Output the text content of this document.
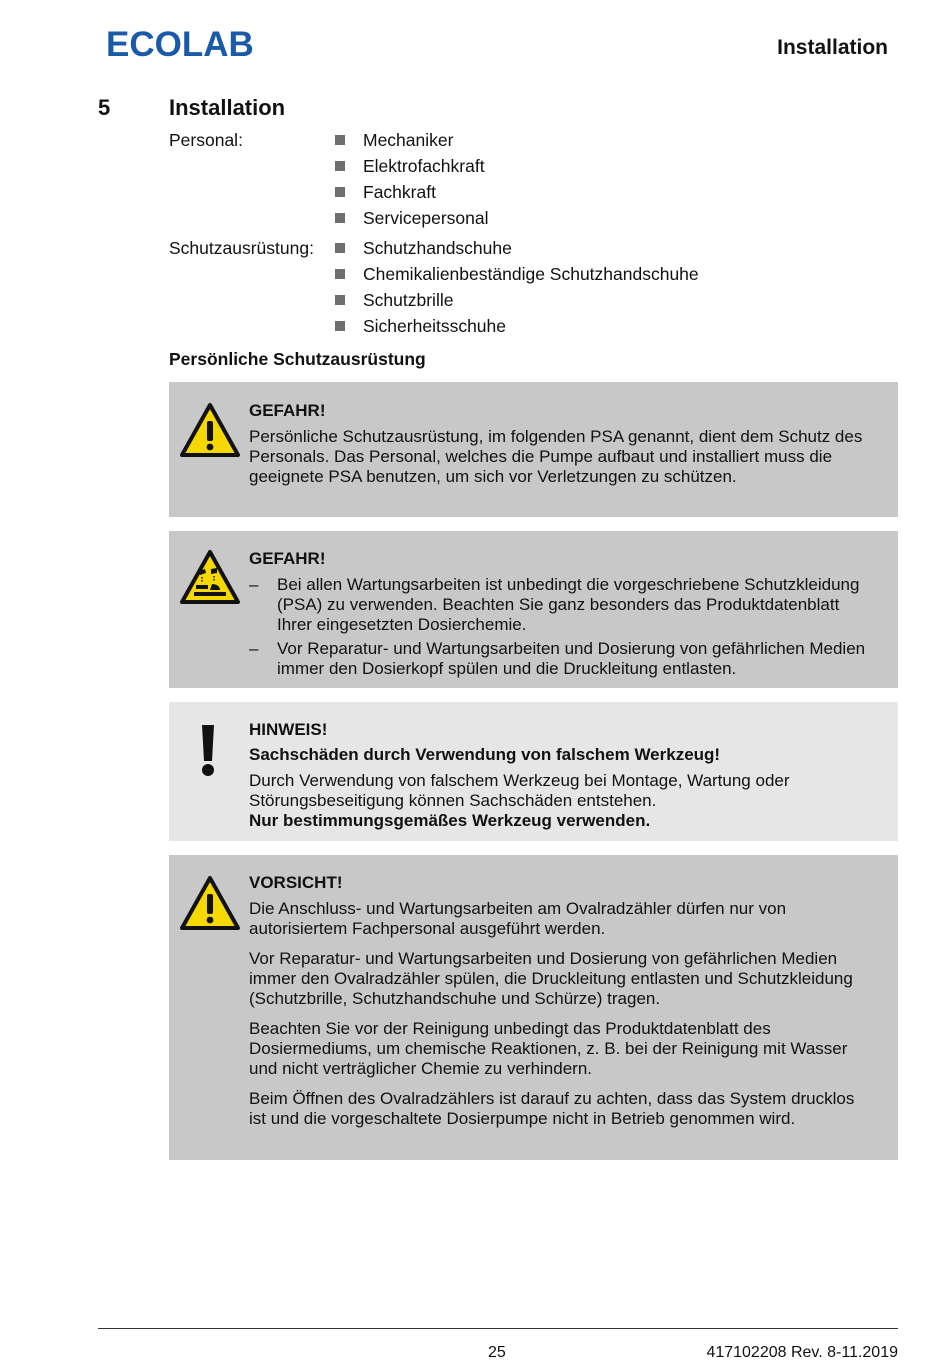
ECOLAB	Installation
5	Installation
Personal:	Mechaniker
Elektrofachkraft
Fachkraft
Servicepersonal
Schutzausrüstung:	Schutzhandschuhe
Chemikalienbeständige Schutzhandschuhe
Schutzbrille
Sicherheitsschuhe
Persönliche Schutzausrüstung
GEFAHR!

Persönliche Schutzausrüstung, im folgenden PSA genannt, dient dem Schutz des Personals. Das Personal, welches die Pumpe aufbaut und installiert muss die geeignete PSA benutzen, um sich vor Verletzungen zu schützen.

GEFAHR!
– Bei allen Wartungsarbeiten ist unbedingt die vorgeschriebene Schutzkleidung (PSA) zu verwenden. Beachten Sie ganz besonders das Produktdatenblatt Ihrer eingesetzten Dosierchemie.
– Vor Reparatur- und Wartungsarbeiten und Dosierung von gefährlichen Medien immer den Dosierkopf spülen und die Druckleitung entlasten.
HINWEIS!

Sachschäden durch Verwendung von falschem Werkzeug!

Durch Verwendung von falschem Werkzeug bei Montage, Wartung oder Störungsbeseitigung können Sachschäden entstehen.

Nur bestimmungsgemäßes Werkzeug verwenden.

VORSICHT!

Die Anschluss- und Wartungsarbeiten am Ovalradzähler dürfen nur von autorisiertem Fachpersonal ausgeführt werden.

Vor Reparatur- und Wartungsarbeiten und Dosierung von gefährlichen Medien immer den Ovalradzähler spülen, die Druckleitung entlasten und Schutzkleidung (Schutzbrille, Schutzhandschuhe und Schürze) tragen.

Beachten Sie vor der Reinigung unbedingt das Produktdatenblatt des Dosiermediums, um chemische Reaktionen, z. B. bei der Reinigung mit Wasser und nicht verträglicher Chemie zu verhindern.

Beim Öffnen des Ovalradzählers ist darauf zu achten, dass das System drucklos ist und die vorgeschaltete Dosierpumpe nicht in Betrieb genommen wird.

25	417102208 Rev. 8-11.2019
